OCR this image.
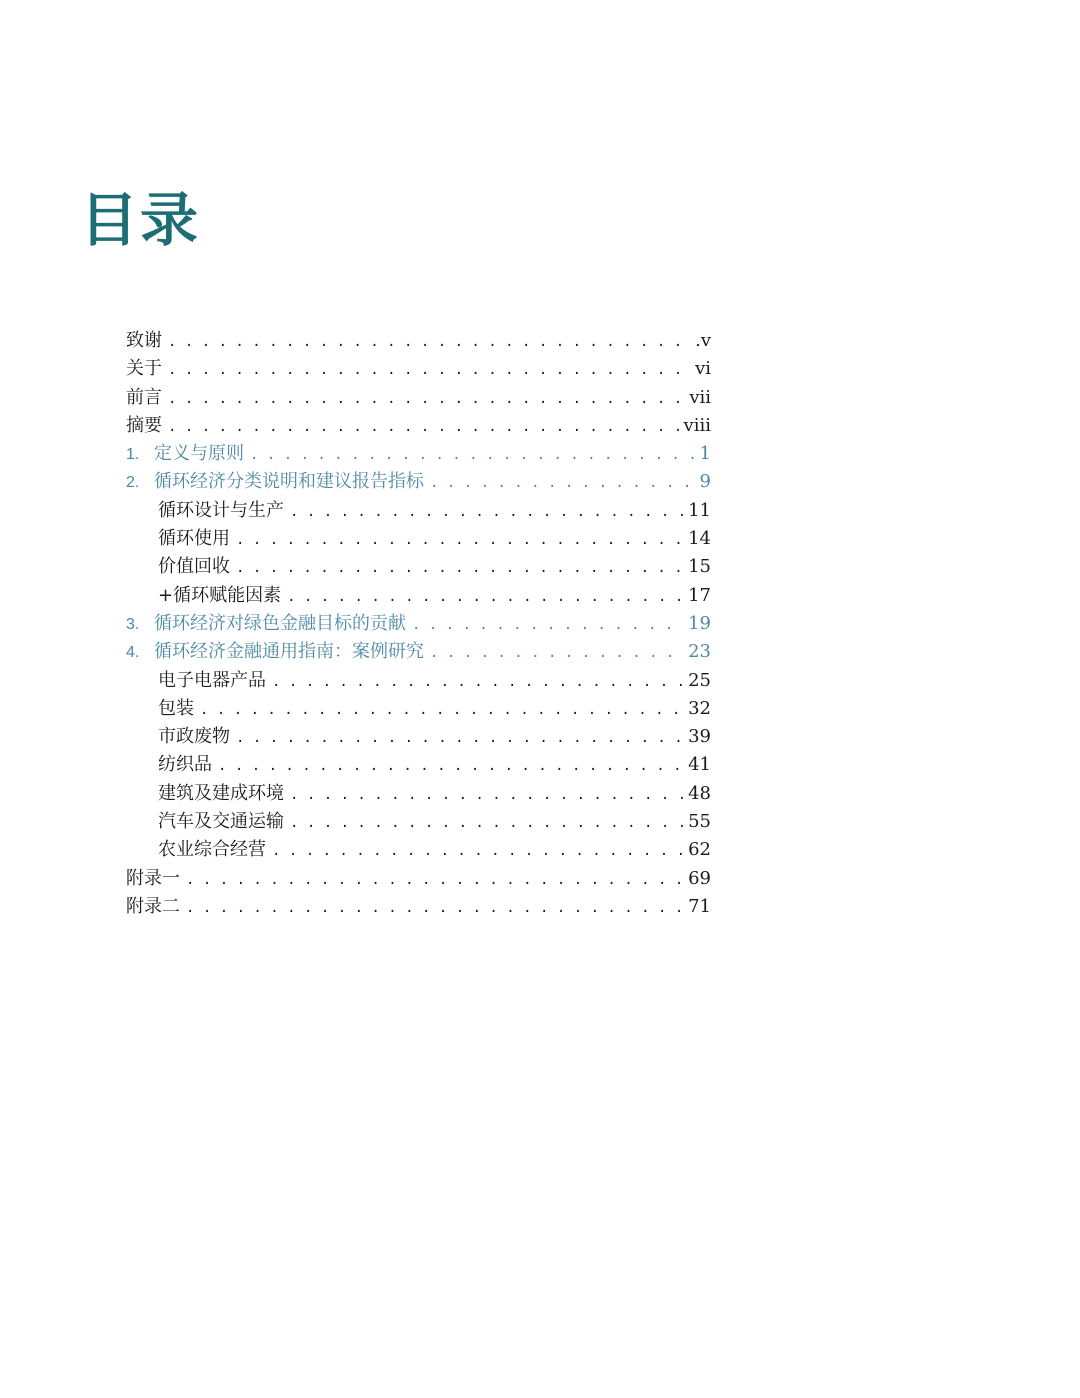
目录
致谢 . . .	.v
关于 . . .	vi
前言 . . .	vii
摘要 . . .	viii
1. 定义与原则 . . .	1
2. 循环经济分类说明和建议报告指标 . . .	9
循环设计与生产 . . .	11
循环使用 . . .	14
价值回收 . . .	15
+循环赋能因素 . . .	17
3. 循环经济对绿色金融目标的贡献 . . .	19
4. 循环经济金融通用指南：案例研究 . . .	23
电子电器产品 . . .	25
包装 . . .	32
市政废物 . . .	39
纺织品 . . .	41
建筑及建成环境 . . .	48
汽车及交通运输 . . .	55
农业综合经营 . . .	62
附录一 . . .	69
附录二 . . .	71
